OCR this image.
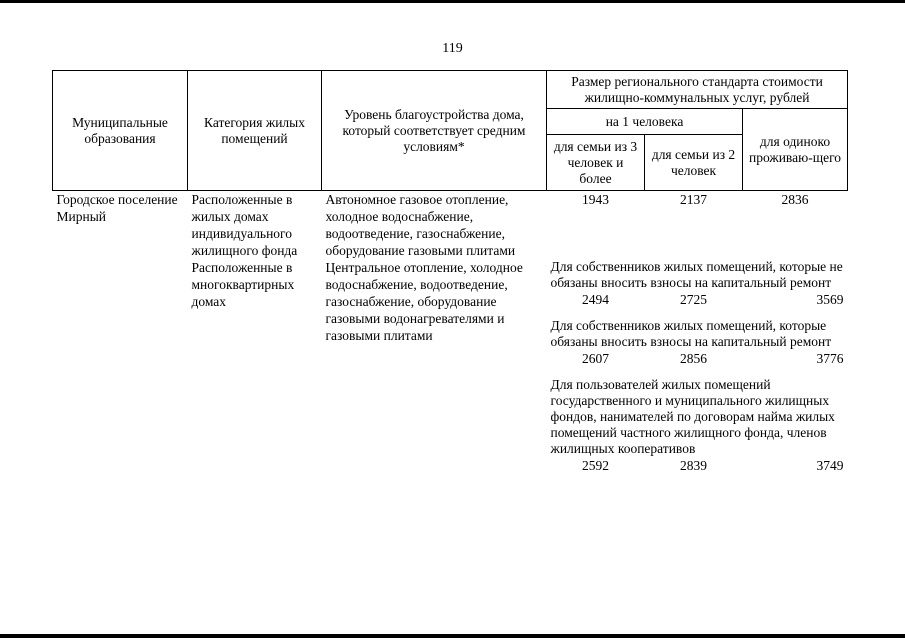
119
Муниципальные образования	Категория жилых помещений	Уровень благоустройства дома, который соответствует средним условиям*	Размер регионального стандарта стоимости жилищно-коммунальных услуг, рублей		
			на 1 человека		для одиноко проживаю-щего
			для семьи из 3 человек и более	для семьи из 2 человек	
Городское поселение Мирный	Расположенные в жилых домах индивидуального жилищного фонда	Автономное газовое отопление, холодное водоснабжение, водоотведение, газоснабжение, оборудование газовыми плитами	1943	2137	2836
	Расположенные в многоквартирных домах	Центральное отопление, холодное водоснабжение, водоотведение, газоснабжение, оборудование газовыми водонагревателями и газовыми плитами	Для собственников жилых помещений, которые не обязаны вносить взносы на капитальный ремонт		
			2494	2725	3569

			Для собственников жилых помещений, которые обязаны вносить взносы на капитальный ремонт		
			2607	2856	3776

			Для пользователей жилых помещений государственного и муниципального жилищных фондов, нанимателей по договорам найма жилых помещений частного жилищного фонда, членов жилищных кооперативов		
			2592	2839	3749
